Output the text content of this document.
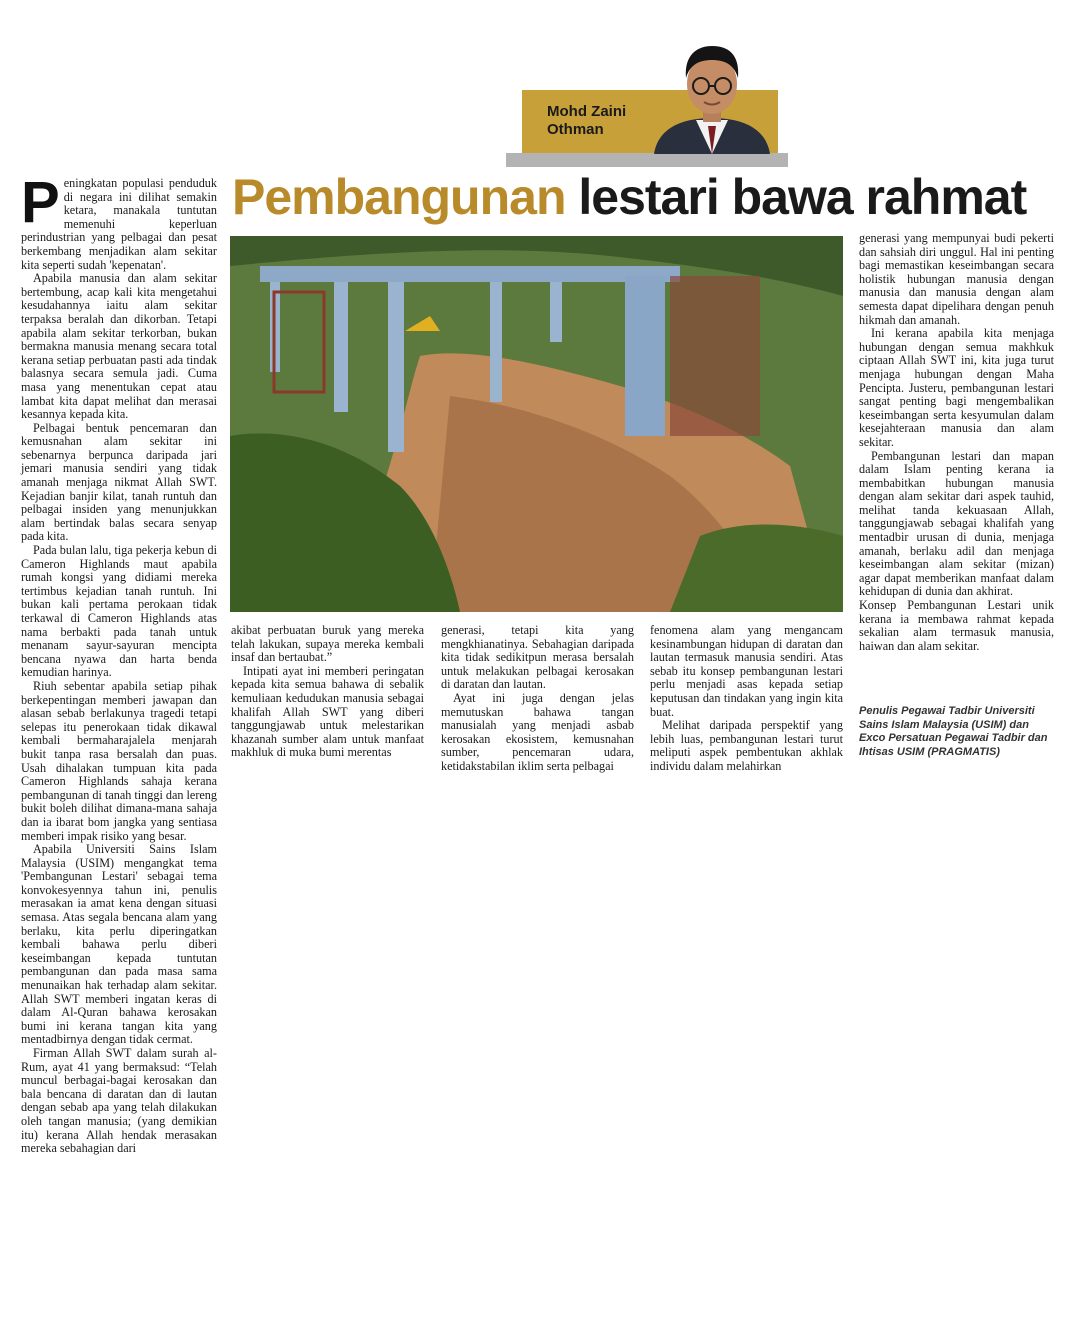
Mohd Zaini Othman
Pembangunan lestari bawa rahmat

Peningkatan populasi penduduk di negara ini dilihat semakin ketara, manakala tuntutan memenuhi keperluan perindustrian yang pelbagai dan pesat berkembang menjadikan alam sekitar kita seperti sudah 'kepenatan'.

Apabila manusia dan alam sekitar bertembung, acap kali kita mengetahui kesudahannya iaitu alam sekitar terpaksa beralah dan dikorban. Tetapi apabila alam sekitar terkorban, bukan bermakna manusia menang secara total kerana setiap perbuatan pasti ada tindak balasnya secara semula jadi. Cuma masa yang menentukan cepat atau lambat kita dapat melihat dan merasai kesannya kepada kita.

Pelbagai bentuk pencemaran dan kemusnahan alam sekitar ini sebenarnya berpunca daripada jari jemari manusia sendiri yang tidak amanah menjaga nikmat Allah SWT. Kejadian banjir kilat, tanah runtuh dan pelbagai insiden yang menunjukkan alam bertindak balas secara senyap pada kita.

Pada bulan lalu, tiga pekerja kebun di Cameron Highlands maut apabila rumah kongsi yang didiami mereka tertimbus kejadian tanah runtuh. Ini bukan kali pertama perokaan tidak terkawal di Cameron Highlands atas nama berbakti pada tanah untuk menanam sayur-sayuran mencipta bencana nyawa dan harta benda kemudian harinya.

Riuh sebentar apabila setiap pihak berkepentingan memberi jawapan dan alasan sebab berlakunya tragedi tetapi selepas itu penerokaan tidak dikawal kembali bermaharajalela menjarah bukit tanpa rasa bersalah dan puas. Usah dihalakan tumpuan kita pada Cameron Highlands sahaja kerana pembangunan di tanah tinggi dan lereng bukit boleh dilihat dimana-mana sahaja dan ia ibarat bom jangka yang sentiasa memberi impak risiko yang besar.

Apabila Universiti Sains Islam Malaysia (USIM) mengangkat tema 'Pembangunan Lestari' sebagai tema konvokesyennya tahun ini, penulis merasakan ia amat kena dengan situasi semasa. Atas segala bencana alam yang berlaku, kita perlu diperingatkan kembali bahawa perlu diberi keseimbangan kepada tuntutan pembangunan dan pada masa sama menunaikan hak terhadap alam sekitar. Allah SWT memberi ingatan keras di dalam Al-Quran bahawa kerosakan bumi ini kerana tangan kita yang mentadbirnya dengan tidak cermat.

Firman Allah SWT dalam surah al-Rum, ayat 41 yang bermaksud: “Telah muncul berbagai-bagai kerosakan dan bala bencana di daratan dan di lautan dengan sebab apa yang telah dilakukan oleh tangan manusia; (yang demikian itu) kerana Allah hendak merasakan mereka sebahagian dari

akibat perbuatan buruk yang mereka telah lakukan, supaya mereka kembali insaf dan bertaubat.”

Intipati ayat ini memberi peringatan kepada kita semua bahawa di sebalik kemuliaan kedudukan manusia sebagai khalifah Allah SWT yang diberi tanggungjawab untuk melestarikan khazanah sumber alam untuk manfaat makhluk di muka bumi merentas

generasi, tetapi kita yang mengkhianatinya. Sebahagian daripada kita tidak sedikitpun merasa bersalah untuk melakukan pelbagai kerosakan di daratan dan lautan.

Ayat ini juga dengan jelas memutuskan bahawa tangan manusialah yang menjadi asbab kerosakan ekosistem, kemusnahan sumber, pencemaran udara, ketidakstabilan iklim serta pelbagai

fenomena alam yang mengancam kesinambungan hidupan di daratan dan lautan termasuk manusia sendiri. Atas sebab itu konsep pembangunan lestari perlu menjadi asas kepada setiap keputusan dan tindakan yang ingin kita buat.

Melihat daripada perspektif yang lebih luas, pembangunan lestari turut meliputi aspek pembentukan akhlak individu dalam melahirkan

generasi yang mempunyai budi pekerti dan sahsiah diri unggul. Hal ini penting bagi memastikan keseimbangan secara holistik hubungan manusia dengan manusia dan manusia dengan alam semesta dapat dipelihara dengan penuh hikmah dan amanah.

Ini kerana apabila kita menjaga hubungan dengan semua makhkuk ciptaan Allah SWT ini, kita juga turut menjaga hubungan dengan Maha Pencipta. Justeru, pembangunan lestari sangat penting bagi mengembalikan keseimbangan serta kesyumulan dalam kesejahteraan manusia dan alam sekitar.

Pembangunan lestari dan mapan dalam Islam penting kerana ia membabitkan hubungan manusia dengan alam sekitar dari aspek tauhid, melihat tanda kekuasaan Allah, tanggungjawab sebagai khalifah yang mentadbir urusan di dunia, menjaga amanah, berlaku adil dan menjaga keseimbangan alam sekitar (mizan) agar dapat memberikan manfaat dalam kehidupan di dunia dan akhirat.

Konsep Pembangunan Lestari unik kerana ia membawa rahmat kepada sekalian alam termasuk manusia, haiwan dan alam sekitar.

Penulis Pegawai Tadbir Universiti Sains Islam Malaysia (USIM) dan Exco Persatuan Pegawai Tadbir dan Ihtisas USIM (PRAGMATIS)
